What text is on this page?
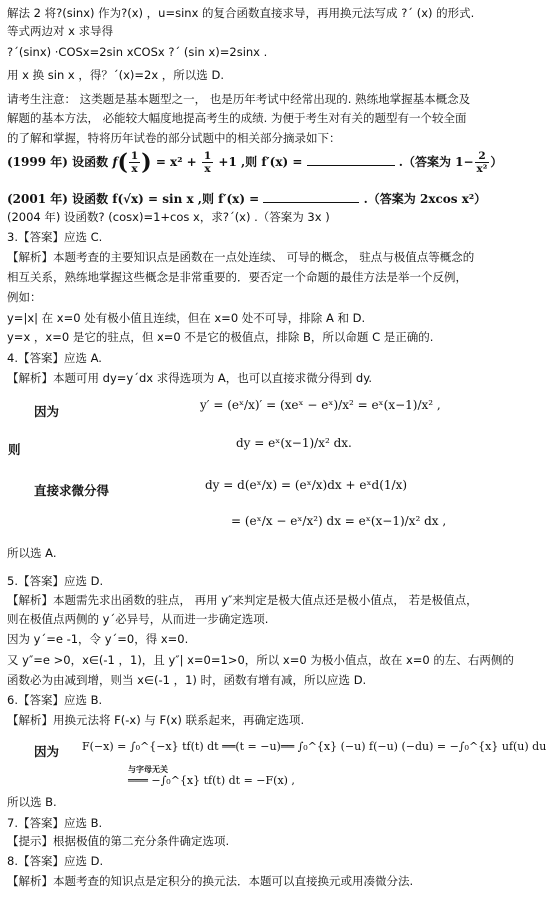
解法 2 将?(sinx) 作为?(x) ，u=sinx 的复合函数直接求导，再用换元法写成 ?´ (x) 的形式.
等式两边对 x 求导得
?´(sinx) ·COSx=2sin xCOSx ?´ (sin x)=2sinx .
用 x 换 sin x ，得？´(x)=2x ，所以选 D.
请考生注意： 这类题是基本题型之一， 也是历年考试中经常出现的. 熟练地掌握基本概念及
解题的基本方法， 必能较大幅度地提高考生的成绩. 为便于考生对有关的题型有一个较全面
的了解和掌握，特将历年试卷的部分试题中的相关部分摘录如下：
(1999 年) 设函数 $f( \frac{1}{x}$ ) = $x^2 + \frac{1}{x} +1$ ,则 f′(x) =	.（答案为 $1- \frac{2}{\text{x²}}$ ）
(2001 年) 设函数 f(√x) = sin x ,则 f′(x) =	.（答案为 2xcos x²）
(2004 年) 设函数? (cosx)=1+cos x，求?´(x) .（答案为 3x )
3.【答案】应选 C.
【解析】本题考查的主要知识点是函数在一点处连续、 可导的概念， 驻点与极值点等概念的
相互关系，熟练地掌握这些概念是非常重要的．要否定一个命题的最佳方法是举一个反例，
例如：
y=|x| 在 x=0 处有极小值且连续，但在 x=0 处不可导，排除 A 和 D.
y=x ，x=0 是它的驻点，但 x=0 不是它的极值点，排除 B，所以命题 C 是正确的.
4.【答案】应选 A.
【解析】本题可用 dy=y´dx 求得选项为 A，也可以直接求微分得到 dy.
因为	y′ = (eˣ/x)′ = (xeˣ − eˣ)/x² = eˣ(x−1)/x² ,
则	dy = eˣ(x−1)/x² dx.
直接求微分得	dy = d(eˣ/x) = (eˣ/x)dx + eˣd(1/x)
= (eˣ/x − eˣ/x²) dx = eˣ(x−1)/x² dx ,
所以选 A.
5.【答案】应选 D.
【解析】本题需先求出函数的驻点， 再用 y″来判定是极大值点还是极小值点， 若是极值点，
则在极值点两侧的 y´必异号，从而进一步确定选项.
因为 y´=e -1，令 y´=0，得 x=0.
又 y″=e >0，x∈(-1 ，1)，且 y″| x=0=1>0，所以 x=0 为极小值点，故在 x=0 的左、右两侧的
函数必为由减到增，则当 x∈(-1 ，1) 时，函数有增有减，所以应选 D.
6.【答案】应选 B.
【解析】用换元法将 F(-x) 与 F(x) 联系起来，再确定选项.
因为 F(−x) = ∫₀^{−x} tf(t) dt ══(t = −u)══ ∫₀^{x} (−u) f(−u) (−du) = −∫₀^{x} uf(u) du
与字母无关
═══ −∫₀^{x} tf(t) dt = −F(x) ,
所以选 B.
7.【答案】应选 B.
【提示】根据极值的第二充分条件确定选项.
8.【答案】应选 D.
【解析】本题考查的知识点是定积分的换元法．本题可以直接换元或用凑微分法.
